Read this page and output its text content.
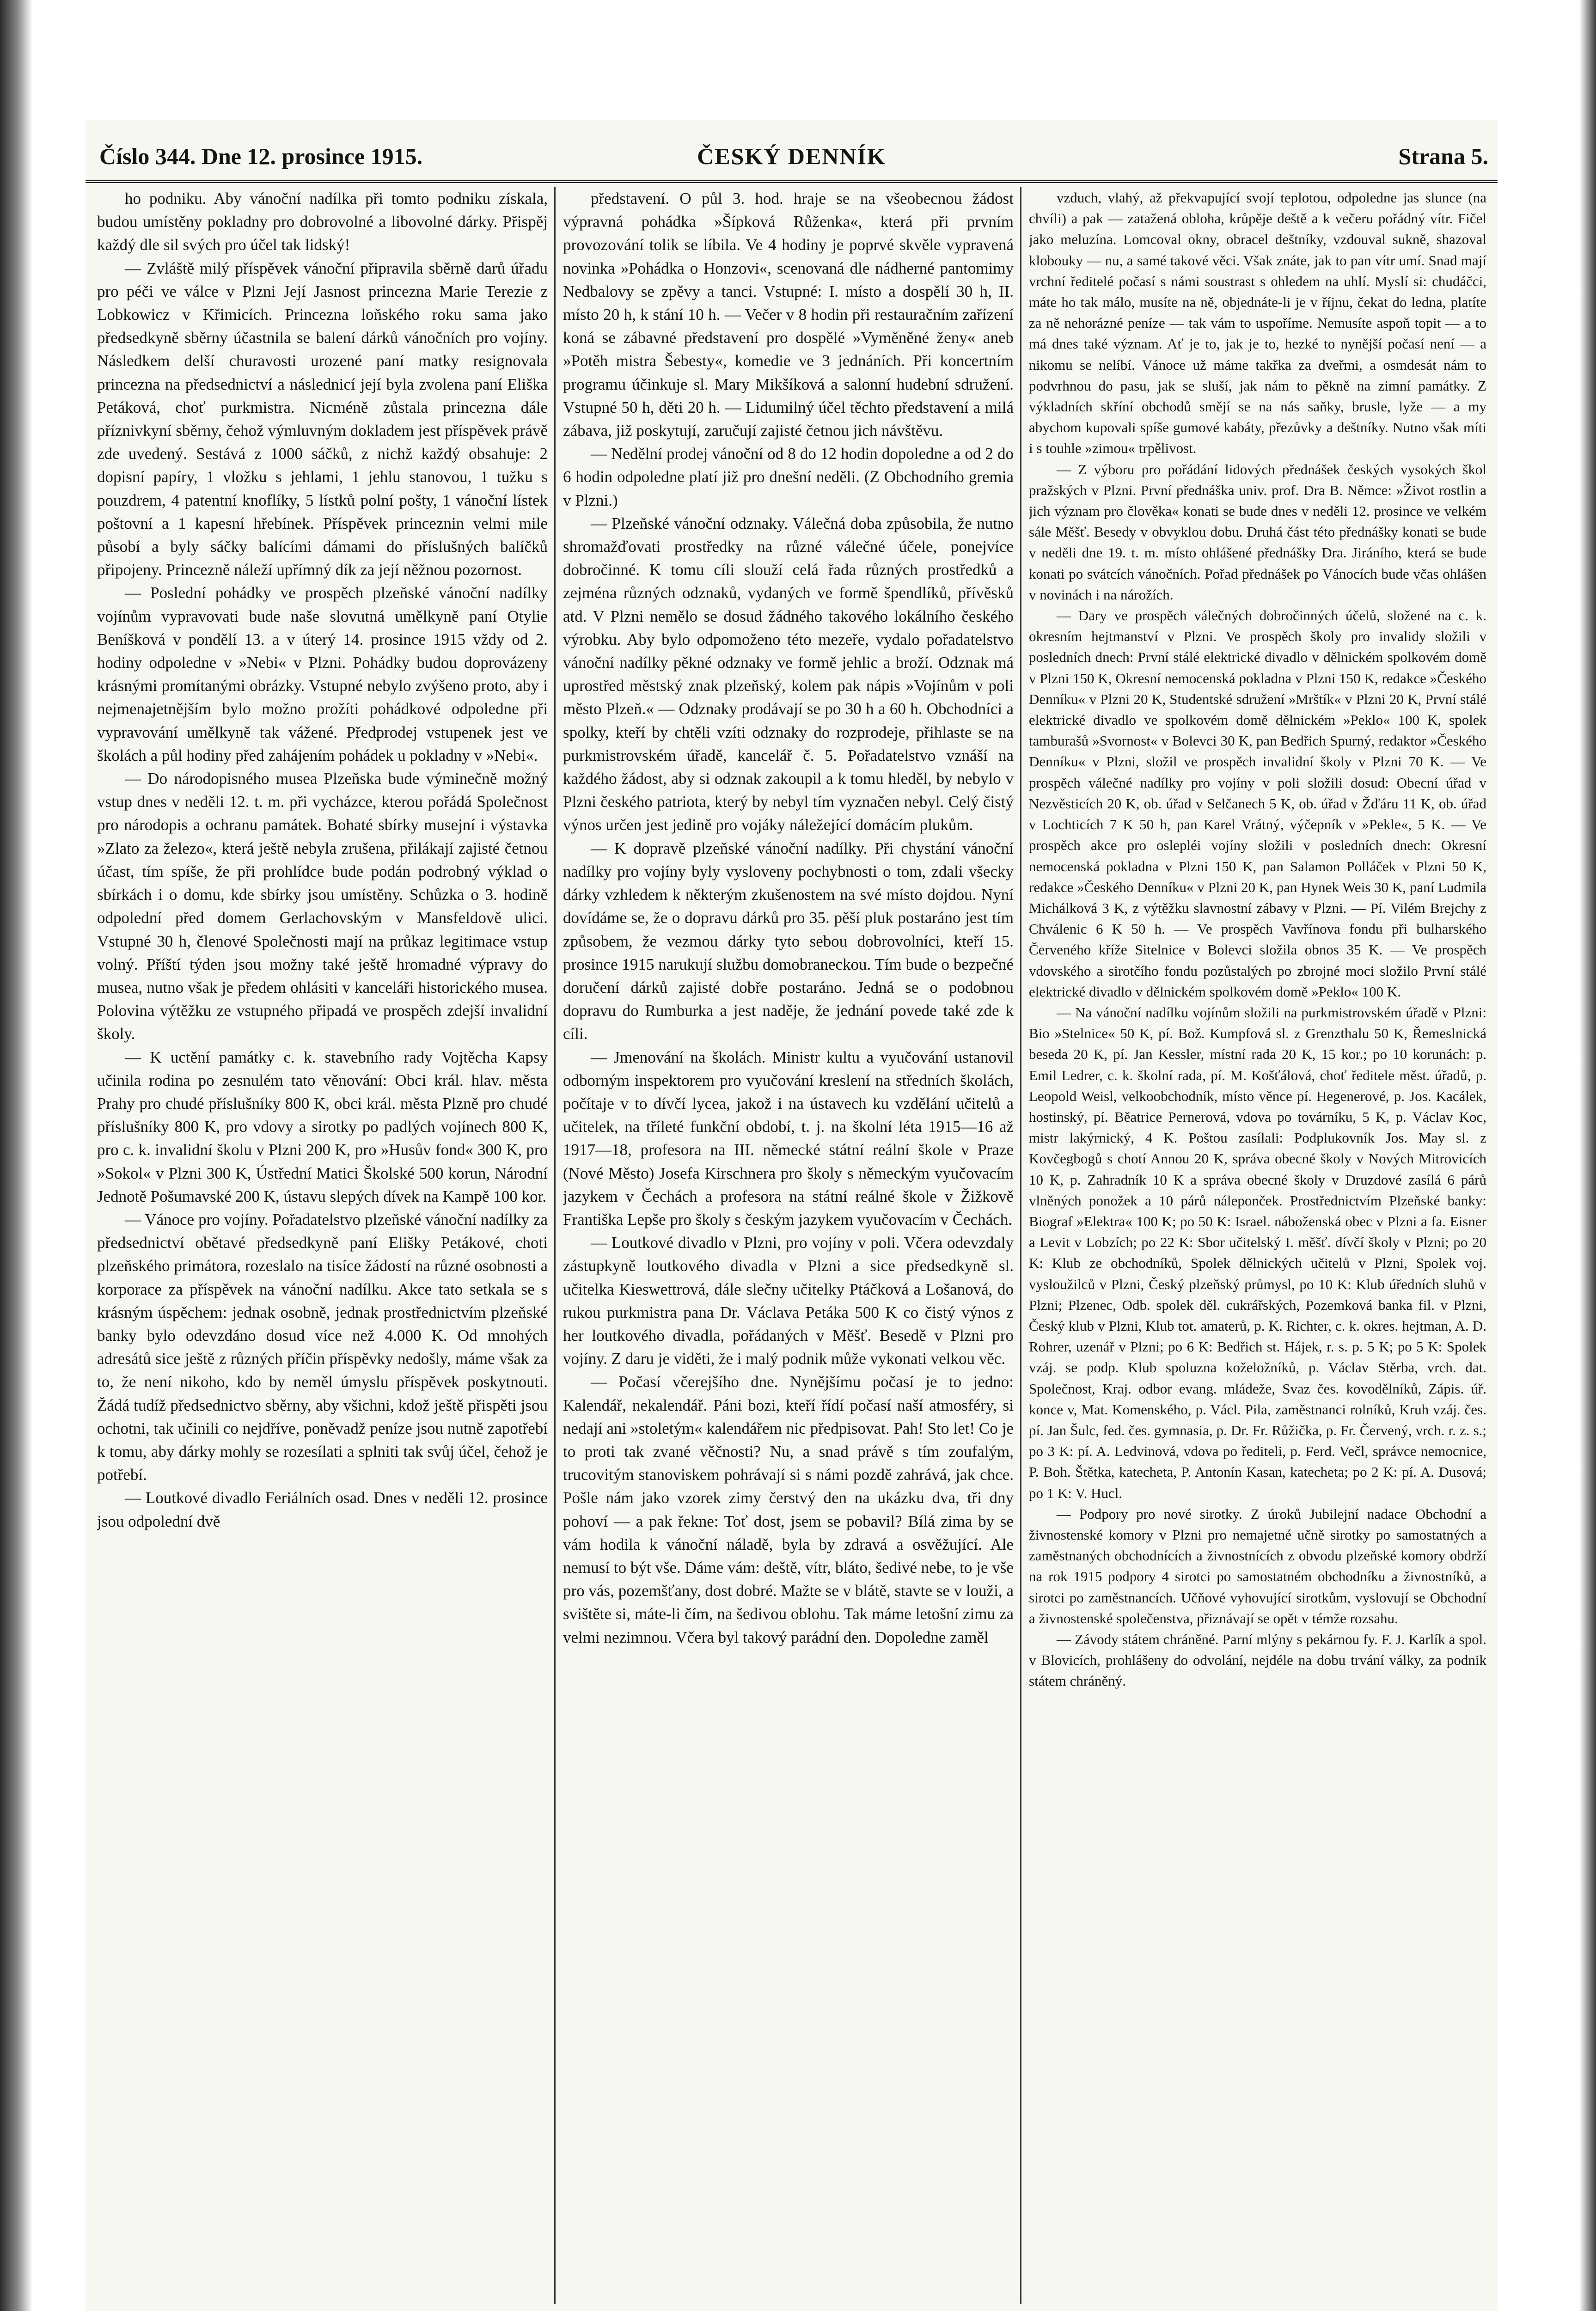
Číslo 344. Dne 12. prosince 1915.	ČESKÝ DENNÍK	Strana 5.

ho podniku. Aby vánoční nadílka při tomto podniku získala, budou umístěny pokladny pro dobrovolné a libovolné dárky. Přispěj každý dle sil svých pro účel tak lidský!

— Zvláště milý příspěvek vánoční připravila sběrně darů úřadu pro péči ve válce v Plzni Její Jasnost princezna Marie Terezie z Lobkowicz v Křimicích. Princezna loňského roku sama jako předsedkyně sběrny účastnila se balení dárků vánočních pro vojíny. Následkem delší churavosti urozené paní matky resignovala princezna na předsednictví a následnicí její byla zvolena paní Eliška Petáková, choť purkmistra. Nicméně zůstala princezna dále příznivkyní sběrny, čehož výmluvným dokladem jest příspěvek právě zde uvedený. Sestává z 1000 sáčků, z nichž každý obsahuje: 2 dopisní papíry, 1 vložku s jehlami, 1 jehlu stanovou, 1 tužku s pouzdrem, 4 patentní knoflíky, 5 lístků polní pošty, 1 vánoční lístek poštovní a 1 kapesní hřebínek. Příspěvek princeznin velmi mile působí a byly sáčky balícími dámami do příslušných balíčků připojeny. Princezně náleží upřímný dík za její něžnou pozornost.

— Poslední pohádky ve prospěch plzeňské vánoční nadílky vojínům vypravovati bude naše slovutná umělkyně paní Otylie Beníšková v pondělí 13. a v úterý 14. prosince 1915 vždy od 2. hodiny odpoledne v »Nebi« v Plzni. Pohádky budou doprovázeny krásnými promítanými obrázky. Vstupné nebylo zvýšeno proto, aby i nejmenajetnějším bylo možno prožíti pohádkové odpoledne při vypravování umělkyně tak vážené. Předprodej vstupenek jest ve školách a půl hodiny před zahájením pohádek u pokladny v »Nebi«.

— Do národopisného musea Plzeňska bude výminečně možný vstup dnes v neděli 12. t. m. při vycházce, kterou pořádá Společnost pro národopis a ochranu památek. Bohaté sbírky musejní i výstavka »Zlato za železo«, která ještě nebyla zrušena, přilákají zajisté četnou účast, tím spíše, že při prohlídce bude podán podrobný výklad o sbírkách i o domu, kde sbírky jsou umístěny. Schůzka o 3. hodině odpolední před domem Gerlachovským v Mansfeldově ulici. Vstupné 30 h, členové Společnosti mají na průkaz legitimace vstup volný. Příští týden jsou možny také ještě hromadné výpravy do musea, nutno však je předem ohlásiti v kanceláři historického musea. Polovina výtěžku ze vstupného připadá ve prospěch zdejší invalidní školy.

— K uctění památky c. k. stavebního rady Vojtěcha Kapsy učinila rodina po zesnulém tato věnování: Obci král. hlav. města Prahy pro chudé příslušníky 800 K, obci král. města Plzně pro chudé příslušníky 800 K, pro vdovy a sirotky po padlých vojínech 800 K, pro c. k. invalidní školu v Plzni 200 K, pro »Husův fond« 300 K, pro »Sokol« v Plzni 300 K, Ústřední Matici Školské 500 korun, Národní Jednotě Pošumavské 200 K, ústavu slepých dívek na Kampě 100 kor.

— Vánoce pro vojíny. Pořadatelstvo plzeňské vánoční nadílky za předsednictví obětavé předsedkyně paní Elišky Petákové, choti plzeňského primátora, rozeslalo na tisíce žádostí na různé osobnosti a korporace za příspěvek na vánoční nadílku. Akce tato setkala se s krásným úspěchem: jednak osobně, jednak prostřednictvím plzeňské banky bylo odevzdáno dosud více než 4.000 K. Od mnohých adresátů sice ještě z různých příčin příspěvky nedošly, máme však za to, že není nikoho, kdo by neměl úmyslu příspěvek poskytnouti. Žádá tudíž předsednictvo sběrny, aby všichni, kdož ještě přispěti jsou ochotni, tak učinili co nejdříve, poněvadž peníze jsou nutně zapotřebí k tomu, aby dárky mohly se rozesílati a splniti tak svůj účel, čehož je potřebí.

— Loutkové divadlo Feriálních osad. Dnes v neděli 12. prosince jsou odpolední dvě

představení. O půl 3. hod. hraje se na všeobecnou žádost výpravná pohádka »Šípková Růženka«, která při prvním provozování tolik se líbila. Ve 4 hodiny je poprvé skvěle vypravená novinka »Pohádka o Honzovi«, scenovaná dle nádherné pantomimy Nedbalovy se zpěvy a tanci. Vstupné: I. místo a dospělí 30 h, II. místo 20 h, k stání 10 h. — Večer v 8 hodin při restauračním zařízení koná se zábavné představení pro dospělé »Vyměněné ženy« aneb »Potěh mistra Šebesty«, komedie ve 3 jednáních. Při koncertním programu účinkuje sl. Mary Mikšíková a salonní hudební sdružení. Vstupné 50 h, děti 20 h. — Lidumilný účel těchto představení a milá zábava, již poskytují, zaručují zajisté četnou jich návštěvu.

— Nedělní prodej vánoční od 8 do 12 hodin dopoledne a od 2 do 6 hodin odpoledne platí již pro dnešní neděli. (Z Obchodního gremia v Plzni.)

— Plzeňské vánoční odznaky. Válečná doba způsobila, že nutno shromažďovati prostředky na různé válečné účele, ponejvíce dobročinné. K tomu cíli slouží celá řada různých prostředků a zejména různých odznaků, vydaných ve formě špendlíků, přívěsků atd. V Plzni nemělo se dosud žádného takového lokálního českého výrobku. Aby bylo odpomoženo této mezeře, vydalo pořadatelstvo vánoční nadílky pěkné odznaky ve formě jehlic a broží. Odznak má uprostřed městský znak plzeňský, kolem pak nápis »Vojínům v poli město Plzeň.« — Odznaky prodávají se po 30 h a 60 h. Obchodníci a spolky, kteří by chtěli vzíti odznaky do rozprodeje, přihlaste se na purkmistrovském úřadě, kancelář č. 5. Pořadatelstvo vznáší na každého žádost, aby si odznak zakoupil a k tomu hleděl, by nebylo v Plzni českého patriota, který by nebyl tím vyznačen nebyl. Celý čistý výnos určen jest jedině pro vojáky náležející domácím plukům.

— K dopravě plzeňské vánoční nadílky. Při chystání vánoční nadílky pro vojíny byly vysloveny pochybnosti o tom, zdali všecky dárky vzhledem k některým zkušenostem na své místo dojdou. Nyní dovídáme se, že o dopravu dárků pro 35. pěší pluk postaráno jest tím způsobem, že vezmou dárky tyto sebou dobrovolníci, kteří 15. prosince 1915 narukují službu domobraneckou. Tím bude o bezpečné doručení dárků zajisté dobře postaráno. Jedná se o podobnou dopravu do Rumburka a jest naděje, že jednání povede také zde k cíli.

— Jmenování na školách. Ministr kultu a vyučování ustanovil odborným inspektorem pro vyučování kreslení na středních školách, počítaje v to dívčí lycea, jakož i na ústavech ku vzdělání učitelů a učitelek, na tříleté funkční období, t. j. na školní léta 1915—16 až 1917—18, profesora na III. německé státní reální škole v Praze (Nové Město) Josefa Kirschnera pro školy s německým vyučovacím jazykem v Čechách a profesora na státní reálné škole v Žižkově Františka Lepše pro školy s českým jazykem vyučovacím v Čechách.

— Loutkové divadlo v Plzni, pro vojíny v poli. Včera odevzdaly zástupkyně loutkového divadla v Plzni a sice předsedkyně sl. učitelka Kieswettrová, dále slečny učitelky Ptáčková a Lošanová, do rukou purkmistra pana Dr. Václava Petáka 500 K co čistý výnos z her loutkového divadla, pořádaných v Měšť. Besedě v Plzni pro vojíny. Z daru je viděti, že i malý podnik může vykonati velkou věc.

— Počasí včerejšího dne. Nynějšímu počasí je to jedno: Kalendář, nekalendář. Páni bozi, kteří řídí počasí naší atmosféry, si nedají ani »stoletým« kalendářem nic předpisovat. Pah! Sto let! Co je to proti tak zvané věčnosti? Nu, a snad právě s tím zoufalým, trucovitým stanoviskem pohrávají si s námi pozdě zahrává, jak chce. Pošle nám jako vzorek zimy čerstvý den na ukázku dva, tři dny pohoví — a pak řekne: Toť dost, jsem se pobavil? Bílá zima by se vám hodila k vánoční náladě, byla by zdravá a osvěžující. Ale nemusí to být vše. Dáme vám: deště, vítr, bláto, šedivé nebe, to je vše pro vás, pozemšťany, dost dobré. Mažte se v blátě, stavte se v louži, a svištěte si, máte-li čím, na šedivou oblohu. Tak máme letošní zimu za velmi nezimnou. Včera byl takový parádní den. Dopoledne zaměl

vzduch, vlahý, až překvapující svojí teplotou, odpoledne jas slunce (na chvíli) a pak — zatažená obloha, krůpěje deště a k večeru pořádný vítr. Fičel jako meluzína. Lomcoval okny, obracel deštníky, vzdouval sukně, shazoval klobouky — nu, a samé takové věci. Však znáte, jak to pan vítr umí. Snad mají vrchní ředitelé počasí s námi soustrast s ohledem na uhlí. Myslí si: chudáčci, máte ho tak málo, musíte na ně, objednáte-li je v říjnu, čekat do ledna, platíte za ně nehorázné peníze — tak vám to uspoříme. Nemusíte aspoň topit — a to má dnes také význam. Ať je to, jak je to, hezké to nynější počasí není — a nikomu se nelíbí. Vánoce už máme takřka za dveřmi, a osmdesát nám to podvrhnou do pasu, jak se sluší, jak nám to pěkně na zimní památky. Z výkladních skříní obchodů smějí se na nás saňky, brusle, lyže — a my abychom kupovali spíše gumové kabáty, přezůvky a deštníky. Nutno však míti i s touhle »zimou« trpělivost.

— Z výboru pro pořádání lidových přednášek českých vysokých škol pražských v Plzni. První přednáška univ. prof. Dra B. Němce: »Život rostlin a jich význam pro člověka« konati se bude dnes v neděli 12. prosince ve velkém sále Měšť. Besedy v obvyklou dobu. Druhá část této přednášky konati se bude v neděli dne 19. t. m. místo ohlášené přednášky Dra. Jiráního, která se bude konati po svátcích vánočních. Pořad přednášek po Vánocích bude včas ohlášen v novinách i na nárožích.

— Dary ve prospěch válečných dobročinných účelů, složené na c. k. okresním hejtmanství v Plzni. Ve prospěch školy pro invalidy složili v posledních dnech: První stálé elektrické divadlo v dělnickém spolkovém domě v Plzni 150 K, Okresní nemocenská pokladna v Plzni 150 K, redakce »Českého Denníku« v Plzni 20 K, Studentské sdružení »Mrštík« v Plzni 20 K, První stálé elektrické divadlo ve spolkovém domě dělnickém »Peklo« 100 K, spolek tamburašů »Svornost« v Bolevci 30 K, pan Bedřich Spurný, redaktor »Českého Denníku« v Plzni, složil ve prospěch invalidní školy v Plzni 70 K. — Ve prospěch válečné nadílky pro vojíny v poli složili dosud: Obecní úřad v Nezvěsticích 20 K, ob. úřad v Selčanech 5 K, ob. úřad v Žďáru 11 K, ob. úřad v Lochticích 7 K 50 h, pan Karel Vrátný, výčepník v »Pekle«, 5 K. — Ve prospěch akce pro oslepléi vojíny složili v posledních dnech: Okresní nemocenská pokladna v Plzni 150 K, pan Salamon Polláček v Plzni 50 K, redakce »Českého Denníku« v Plzni 20 K, pan Hynek Weis 30 K, paní Ludmila Michálková 3 K, z výtěžku slavnostní zábavy v Plzni. — Pí. Vilém Brejchy z Chválenic 6 K 50 h. — Ve prospěch Vavřínova fondu při bulharského Červeného kříže Sitelnice v Bolevci složila obnos 35 K. — Ve prospěch vdovského a sirotčího fondu pozůstalých po zbrojné moci složilo První stálé elektrické divadlo v dělnickém spolkovém domě »Peklo« 100 K.

— Na vánoční nadílku vojínům složili na purkmistrovském úřadě v Plzni: Bio »Stelnice« 50 K, pí. Bož. Kumpfová sl. z Grenzthalu 50 K, Řemeslnická beseda 20 K, pí. Jan Kessler, místní rada 20 K, 15 kor.; po 10 korunách: p. Emil Ledrer, c. k. školní rada, pí. M. Košťálová, choť ředitele měst. úřadů, p. Leopold Weisl, velkoobchodník, místo věnce pí. Hegenerové, p. Jos. Kacálek, hostinský, pí. Běatrice Pernerová, vdova po továrníku, 5 K, p. Václav Koc, mistr lakýrnický, 4 K. Poštou zasílali: Podplukovník Jos. May sl. z Kovčegbogů s chotí Annou 20 K, správa obecné školy v Nových Mitrovicích 10 K, p. Zahradník 10 K a správa obecné školy v Druzdové zasílá 6 párů vlněných ponožek a 10 párů náleponček. Prostřednictvím Plzeňské banky: Biograf »Elektra« 100 K; po 50 K: Israel. náboženská obec v Plzni a fa. Eisner a Levit v Lobzích; po 22 K: Sbor učitelský I. měšť. dívčí školy v Plzni; po 20 K: Klub ze obchodníků, Spolek dělnických učitelů v Plzni, Spolek voj. vysloužilců v Plzni, Český plzeňský průmysl, po 10 K: Klub úředních sluhů v Plzni; Plzenec, Odb. spolek děl. cukrářských, Pozemková banka fil. v Plzni, Český klub v Plzni, Klub tot. amaterů, p. K. Richter, c. k. okres. hejtman, A. D. Rohrer, uzenář v Plzni; po 6 K: Bedřich st. Hájek, r. s. p. 5 K; po 5 K: Spolek vzáj. se podp. Klub spoluzna koželožníků, p. Václav Stěrba, vrch. dat. Společnost, Kraj. odbor evang. mládeže, Svaz čes. kovodělníků, Zápis. úř. konce v, Mat. Komenského, p. Václ. Pila, zaměstnanci rolníků, Kruh vzáj. čes. pí. Jan Šulc, fed. čes. gymnasia, p. Dr. Fr. Růžička, p. Fr. Červený, vrch. r. z. s.; po 3 K: pí. A. Ledvinová, vdova po řediteli, p. Ferd. Večl, správce nemocnice, P. Boh. Štětka, katecheta, P. Antonín Kasan, katecheta; po 2 K: pí. A. Dusová; po 1 K: V. Hucl.

— Podpory pro nové sirotky. Z úroků Jubilejní nadace Obchodní a živnostenské komory v Plzni pro nemajetné učně sirotky po samostatných a zaměstnaných obchodnících a živnostnících z obvodu plzeňské komory obdrží na rok 1915 podpory 4 sirotci po samostatném obchodníku a živnostníků, a sirotci po zaměstnancích. Učňové vyhovující sirotkům, vyslovují se Obchodní a živnostenské společenstva, přiznávají se opět v témže rozsahu.

— Závody státem chráněné. Parní mlýny s pekárnou fy. F. J. Karlík a spol. v Blovicích, prohlášeny do odvolání, nejdéle na dobu trvání války, za podnik státem chráněný.
